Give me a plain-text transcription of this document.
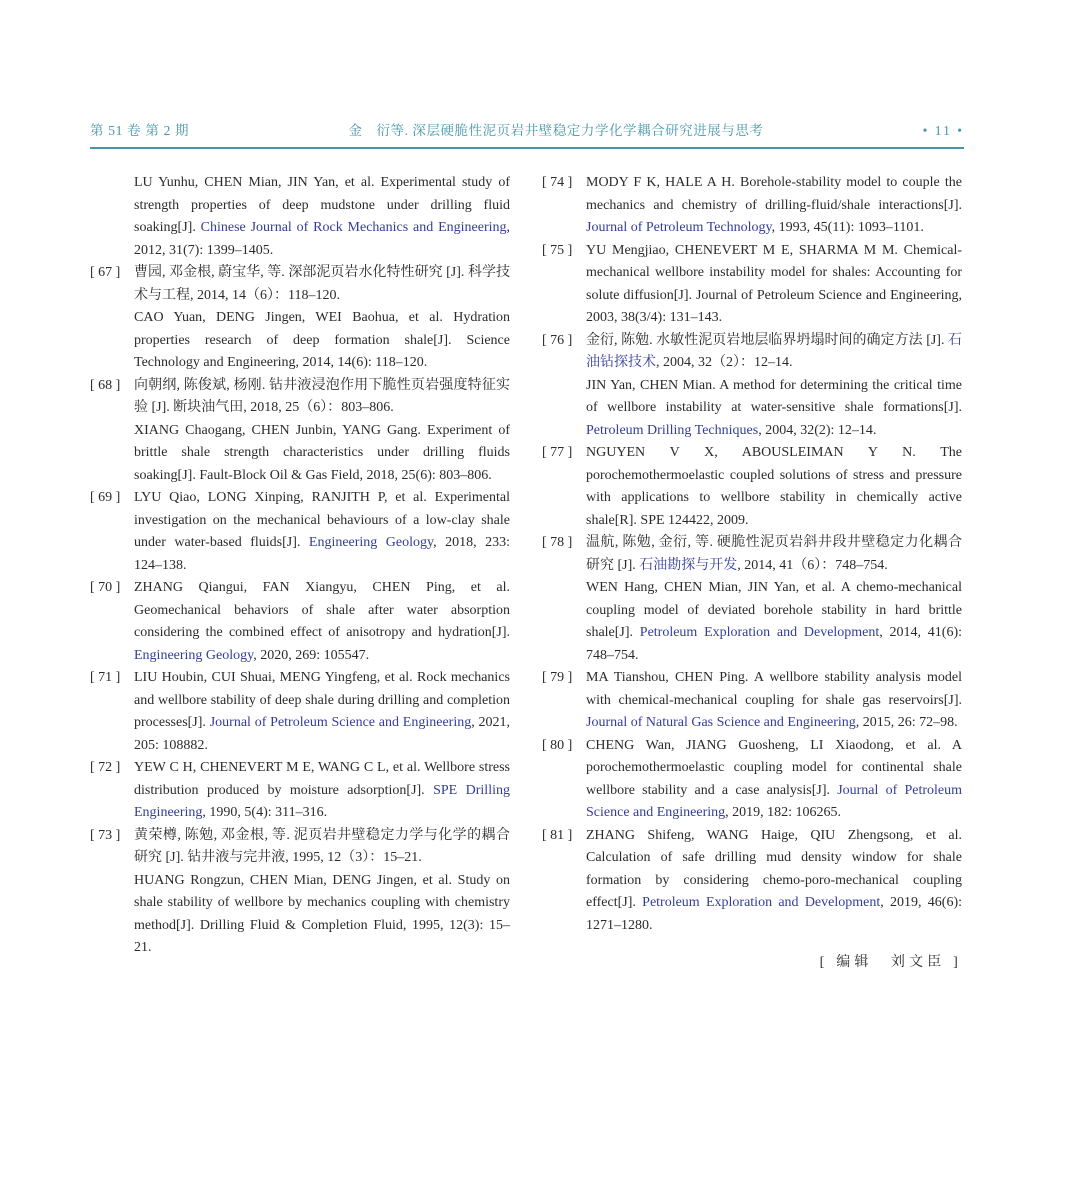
第 51 卷 第 2 期	金　衍等. 深层硬脆性泥页岩井壁稳定力学化学耦合研究进展与思考	• 11 •
LU Yunhu, CHEN Mian, JIN Yan, et al. Experimental study of strength properties of deep mudstone under drilling fluid soaking[J]. Chinese Journal of Rock Mechanics and Engineering, 2012, 31(7): 1399–1405.
[ 67 ] 曹园, 邓金根, 蔚宝华, 等. 深部泥页岩水化特性研究 [J]. 科学技术与工程, 2014, 14（6）：118–120.
CAO Yuan, DENG Jingen, WEI Baohua, et al. Hydration properties research of deep formation shale[J]. Science Technology and Engineering, 2014, 14(6): 118–120.
[ 68 ] 向朝纲, 陈俊斌, 杨刚. 钻井液浸泡作用下脆性页岩强度特征实验 [J]. 断块油气田, 2018, 25（6）：803–806.
XIANG Chaogang, CHEN Junbin, YANG Gang. Experiment of brittle shale strength characteristics under drilling fluids soaking[J]. Fault-Block Oil & Gas Field, 2018, 25(6): 803–806.
[ 69 ] LYU Qiao, LONG Xinping, RANJITH P, et al. Experimental investigation on the mechanical behaviours of a low-clay shale under water-based fluids[J]. Engineering Geology, 2018, 233: 124–138.
[ 70 ] ZHANG Qiangui, FAN Xiangyu, CHEN Ping, et al. Geomechanical behaviors of shale after water absorption considering the combined effect of anisotropy and hydration[J]. Engineering Geology, 2020, 269: 105547.
[ 71 ] LIU Houbin, CUI Shuai, MENG Yingfeng, et al. Rock mechanics and wellbore stability of deep shale during drilling and completion processes[J]. Journal of Petroleum Science and Engineering, 2021, 205: 108882.
[ 72 ] YEW C H, CHENEVERT M E, WANG C L, et al. Wellbore stress distribution produced by moisture adsorption[J]. SPE Drilling Engineering, 1990, 5(4): 311–316.
[ 73 ] 黄荣樽, 陈勉, 邓金根, 等. 泥页岩井壁稳定力学与化学的耦合研究 [J]. 钻井液与完井液, 1995, 12（3）：15–21.
HUANG Rongzun, CHEN Mian, DENG Jingen, et al. Study on shale stability of wellbore by mechanics coupling with chemistry method[J]. Drilling Fluid & Completion Fluid, 1995, 12(3): 15–21.
[ 74 ] MODY F K, HALE A H. Borehole-stability model to couple the mechanics and chemistry of drilling-fluid/shale interactions[J]. Journal of Petroleum Technology, 1993, 45(11): 1093–1101.
[ 75 ] YU Mengjiao, CHENEVERT M E, SHARMA M M. Chemical-mechanical wellbore instability model for shales: Accounting for solute diffusion[J]. Journal of Petroleum Science and Engineering, 2003, 38(3/4): 131–143.
[ 76 ] 金衍, 陈勉. 水敏性泥页岩地层临界坍塌时间的确定方法 [J]. 石油钻探技术, 2004, 32（2）：12–14.
JIN Yan, CHEN Mian. A method for determining the critical time of wellbore instability at water-sensitive shale formations[J]. Petroleum Drilling Techniques, 2004, 32(2): 12–14.
[ 77 ] NGUYEN V X, ABOUSLEIMAN Y N. The porochemothermoelastic coupled solutions of stress and pressure with applications to wellbore stability in chemically active shale[R]. SPE 124422, 2009.
[ 78 ] 温航, 陈勉, 金衍, 等. 硬脆性泥页岩斜井段井壁稳定力化耦合研究 [J]. 石油勘探与开发, 2014, 41（6）：748–754.
WEN Hang, CHEN Mian, JIN Yan, et al. A chemo-mechanical coupling model of deviated borehole stability in hard brittle shale[J]. Petroleum Exploration and Development, 2014, 41(6): 748–754.
[ 79 ] MA Tianshou, CHEN Ping. A wellbore stability analysis model with chemical-mechanical coupling for shale gas reservoirs[J]. Journal of Natural Gas Science and Engineering, 2015, 26: 72–98.
[ 80 ] CHENG Wan, JIANG Guosheng, LI Xiaodong, et al. A porochemothermoelastic coupling model for continental shale wellbore stability and a case analysis[J]. Journal of Petroleum Science and Engineering, 2019, 182: 106265.
[ 81 ] ZHANG Shifeng, WANG Haige, QIU Zhengsong, et al. Calculation of safe drilling mud density window for shale formation by considering chemo-poro-mechanical coupling effect[J]. Petroleum Exploration and Development, 2019, 46(6): 1271–1280.
[ 编辑　刘文臣 ]
